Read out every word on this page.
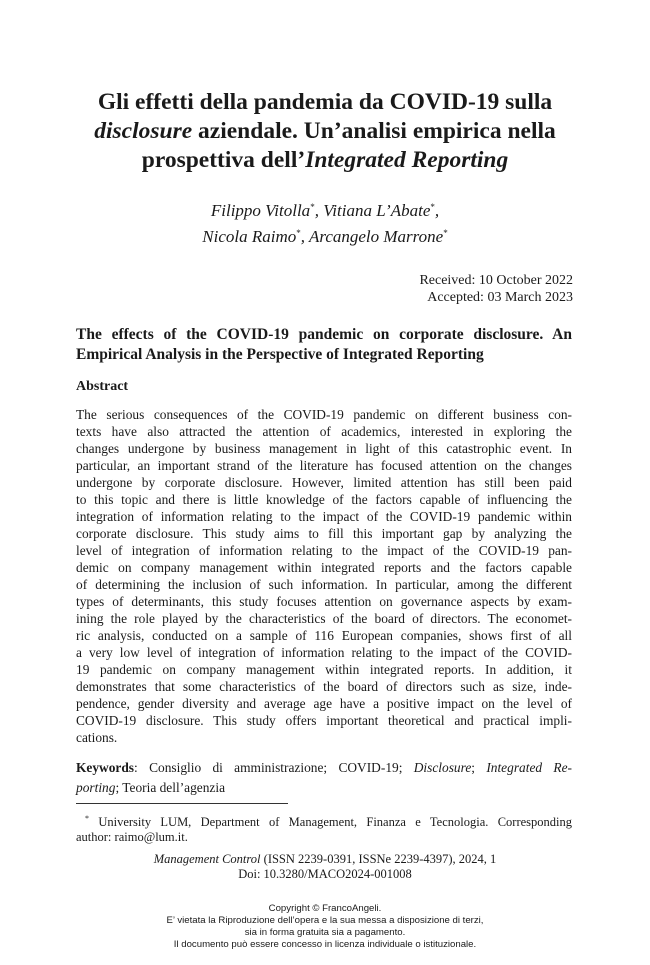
Gli effetti della pandemia da COVID-19 sulla
disclosure aziendale. Un’analisi empirica nella
prospettiva dell’Integrated Reporting
Filippo Vitolla*, Vitiana L’Abate*,
Nicola Raimo*, Arcangelo Marrone*
Received: 10 October 2022
Accepted: 03 March 2023
The effects of the COVID-19 pandemic on corporate disclosure. An
Empirical Analysis in the Perspective of Integrated Reporting
Abstract
The serious consequences of the COVID-19 pandemic on different business con-
texts have also attracted the attention of academics, interested in exploring the
changes undergone by business management in light of this catastrophic event. In
particular, an important strand of the literature has focused attention on the changes
undergone by corporate disclosure. However, limited attention has still been paid
to this topic and there is little knowledge of the factors capable of influencing the
integration of information relating to the impact of the COVID-19 pandemic within
corporate disclosure. This study aims to fill this important gap by analyzing the
level of integration of information relating to the impact of the COVID-19 pan-
demic on company management within integrated reports and the factors capable
of determining the inclusion of such information. In particular, among the different
types of determinants, this study focuses attention on governance aspects by exam-
ining the role played by the characteristics of the board of directors. The economet-
ric analysis, conducted on a sample of 116 European companies, shows first of all
a very low level of integration of information relating to the impact of the COVID-
19 pandemic on company management within integrated reports. In addition, it
demonstrates that some characteristics of the board of directors such as size, inde-
pendence, gender diversity and average age have a positive impact on the level of
COVID-19 disclosure. This study offers important theoretical and practical impli-
cations.
Keywords: Consiglio di amministrazione; COVID-19; Disclosure; Integrated Re-
porting; Teoria dell’agenzia
* University LUM, Department of Management, Finanza e Tecnologia. Corresponding
author: raimo@lum.it.
Management Control (ISSN 2239-0391, ISSNe 2239-4397), 2024, 1
Doi: 10.3280/MACO2024-001008
Copyright © FrancoAngeli.
E’ vietata la Riproduzione dell’opera e la sua messa a disposizione di terzi,
sia in forma gratuita sia a pagamento.
Il documento può essere concesso in licenza individuale o istituzionale.
